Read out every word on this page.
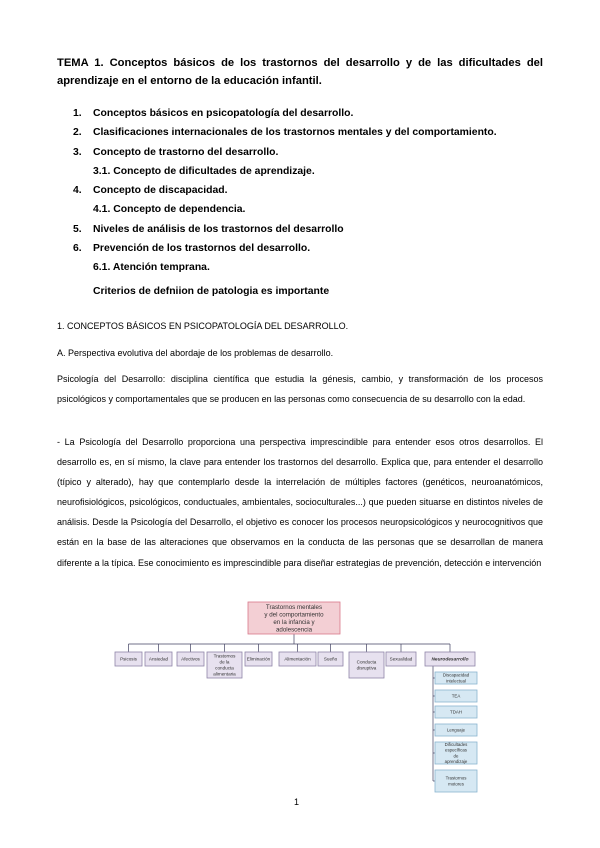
TEMA 1. Conceptos básicos de los trastornos del desarrollo y de las dificultades del aprendizaje en el entorno de la educación infantil.
1. Conceptos básicos en psicopatología del desarrollo.
2. Clasificaciones internacionales de los trastornos mentales y del comportamiento.
3. Concepto de trastorno del desarrollo.
3.1. Concepto de dificultades de aprendizaje.
4. Concepto de discapacidad.
4.1. Concepto de dependencia.
5. Niveles de análisis de los trastornos del desarrollo
6. Prevención de los trastornos del desarrollo.
6.1. Atención temprana.
Criterios de defniion de patologia es importante
1. CONCEPTOS BÁSICOS EN PSICOPATOLOGÍA DEL DESARROLLO.
A. Perspectiva evolutiva del abordaje de los problemas de desarrollo.
Psicología del Desarrollo: disciplina científica que estudia la génesis, cambio, y transformación de los procesos psicológicos y comportamentales que se producen en las personas como consecuencia de su desarrollo con la edad.
- La Psicología del Desarrollo proporciona una perspectiva imprescindible para entender esos otros desarrollos. El desarrollo es, en sí mismo, la clave para entender los trastornos del desarrollo. Explica que, para entender el desarrollo (típico y alterado), hay que contemplarlo desde la interrelación de múltiples factores (genéticos, neuroanatómicos, neurofisiológicos, psicológicos, conductuales, ambientales, socioculturales...) que pueden situarse en distintos niveles de análisis. Desde la Psicología del Desarrollo, el objetivo es conocer los procesos neuropsicológicos y neurocognitivos que están en la base de las alteraciones que observamos en la conducta de las personas que se desarrollan de manera diferente a la típica. Ese conocimiento es imprescindible para diseñar estrategias de prevención, detección e intervención
Trastornos mentales
y del comportamiento
en la infancia y
adolescencia
Psicosis	Ansiedad	Afectivos
Trastornos
de la
conducta
alimentaria
Eliminación	Alimentación	Sueño
Conducta
disruptiva
Sexualidad	Neurodesarrollo
Discapacidad
intelectual
TEA
TDAH
Lenguaje
Dificultades
específicas
de
aprendizaje
Trastornos
motores
1
